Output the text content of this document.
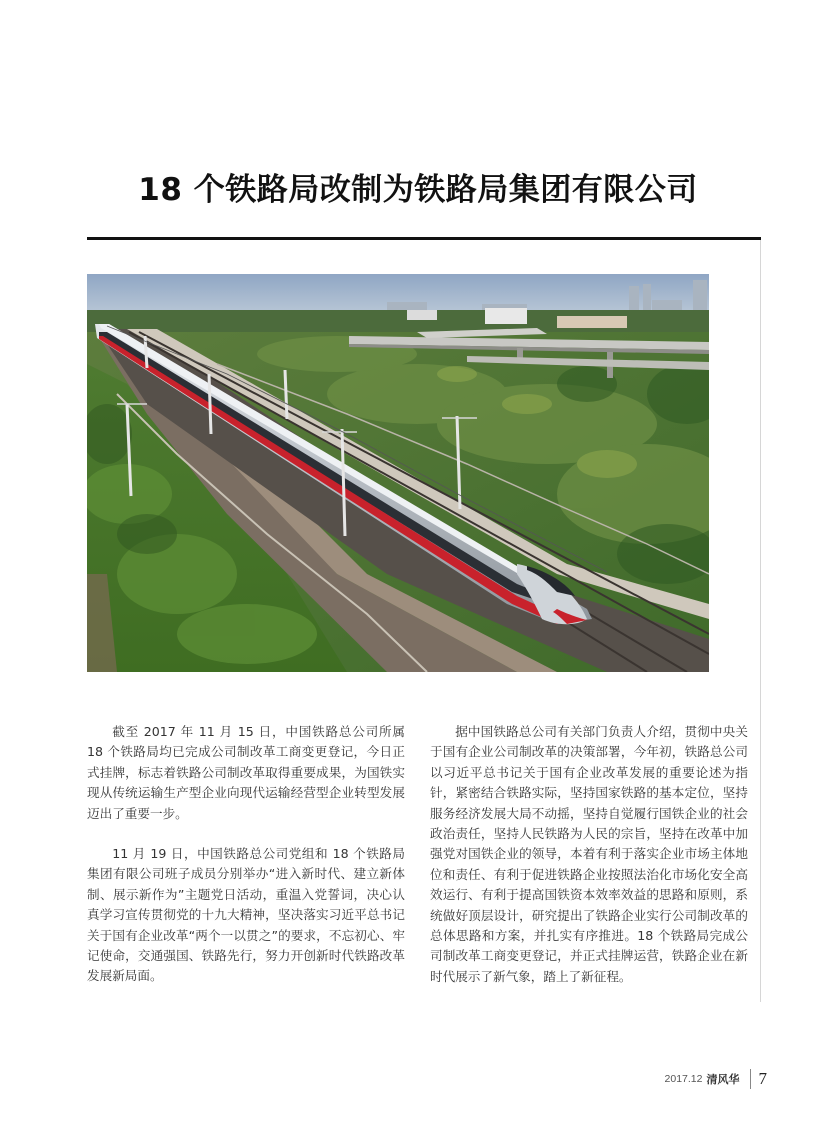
18 个铁路局改制为铁路局集团有限公司

截至 2017 年 11 月 15 日，中国铁路总公司所属 18 个铁路局均已完成公司制改革工商变更登记，今日正式挂牌，标志着铁路公司制改革取得重要成果，为国铁实现从传统运输生产型企业向现代运输经营型企业转型发展迈出了重要一步。

11 月 19 日，中国铁路总公司党组和 18 个铁路局集团有限公司班子成员分别举办“进入新时代、建立新体制、展示新作为”主题党日活动，重温入党誓词，决心认真学习宣传贯彻党的十九大精神，坚决落实习近平总书记关于国有企业改革“两个一以贯之”的要求，不忘初心、牢记使命，交通强国、铁路先行，努力开创新时代铁路改革发展新局面。

据中国铁路总公司有关部门负责人介绍，贯彻中央关于国有企业公司制改革的决策部署，今年初，铁路总公司以习近平总书记关于国有企业改革发展的重要论述为指针，紧密结合铁路实际，坚持国家铁路的基本定位，坚持服务经济发展大局不动摇，坚持自觉履行国铁企业的社会政治责任，坚持人民铁路为人民的宗旨，坚持在改革中加强党对国铁企业的领导，本着有利于落实企业市场主体地位和责任、有利于促进铁路企业按照法治化市场化安全高效运行、有利于提高国铁资本效率效益的思路和原则，系统做好顶层设计，研究提出了铁路企业实行公司制改革的总体思路和方案，并扎实有序推进。18 个铁路局完成公司制改革工商变更登记，并正式挂牌运营，铁路企业在新时代展示了新气象，踏上了新征程。

2017.12 清风华 7
